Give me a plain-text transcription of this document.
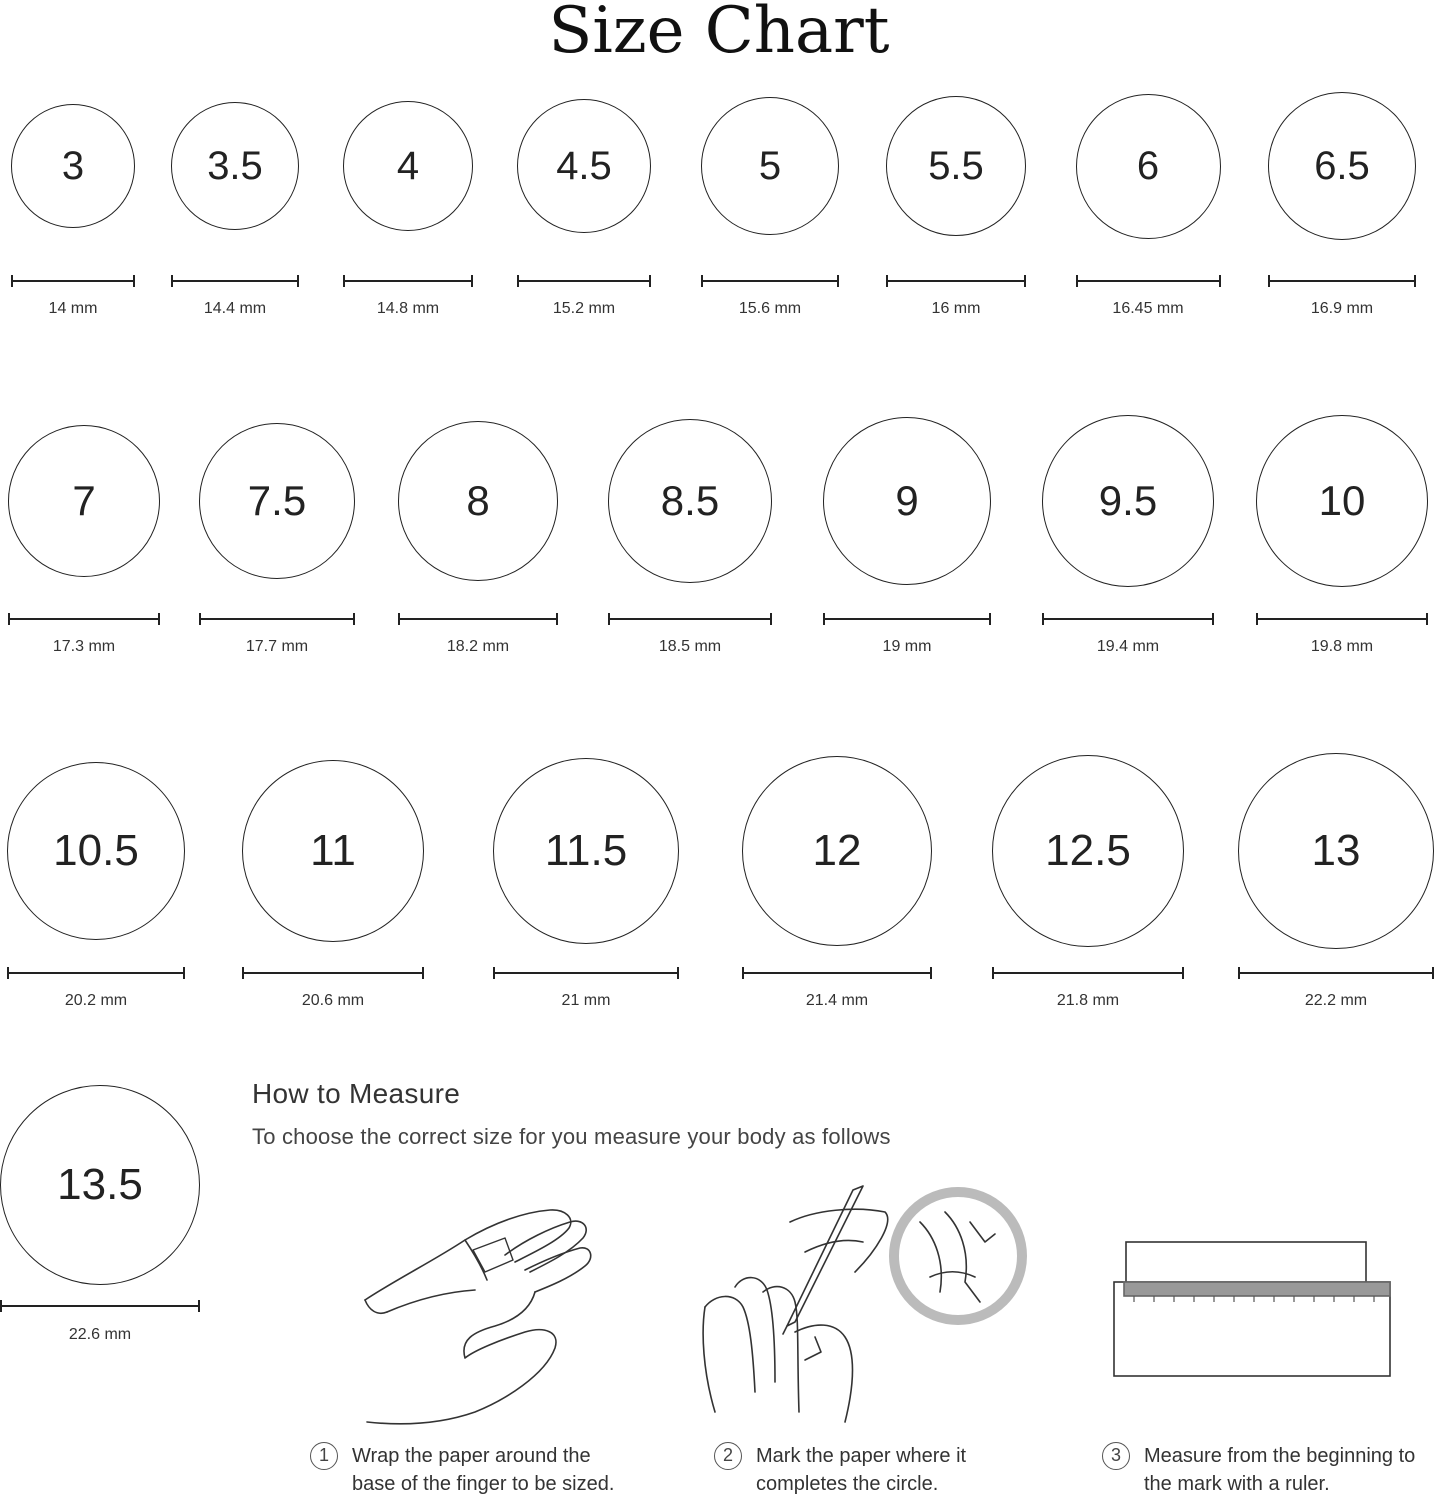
Size Chart
3
14 mm
3.5
14.4 mm
4
14.8 mm
4.5
15.2 mm
5
15.6 mm
5.5
16 mm
6
16.45 mm
6.5
16.9 mm
7
17.3 mm
7.5
17.7 mm
8
18.2 mm
8.5
18.5 mm
9
19 mm
9.5
19.4 mm
10
19.8 mm
10.5
20.2 mm
11
20.6 mm
11.5
21 mm
12
21.4 mm
12.5
21.8 mm
13
22.2 mm
13.5
22.6 mm
How to Measure
To choose the correct size for you measure your body as follows
1	Wrap the paper around the
base of the finger to be sized.
2	Mark the paper where it
completes the circle.
3	Measure from the beginning to
the mark with a ruler.
